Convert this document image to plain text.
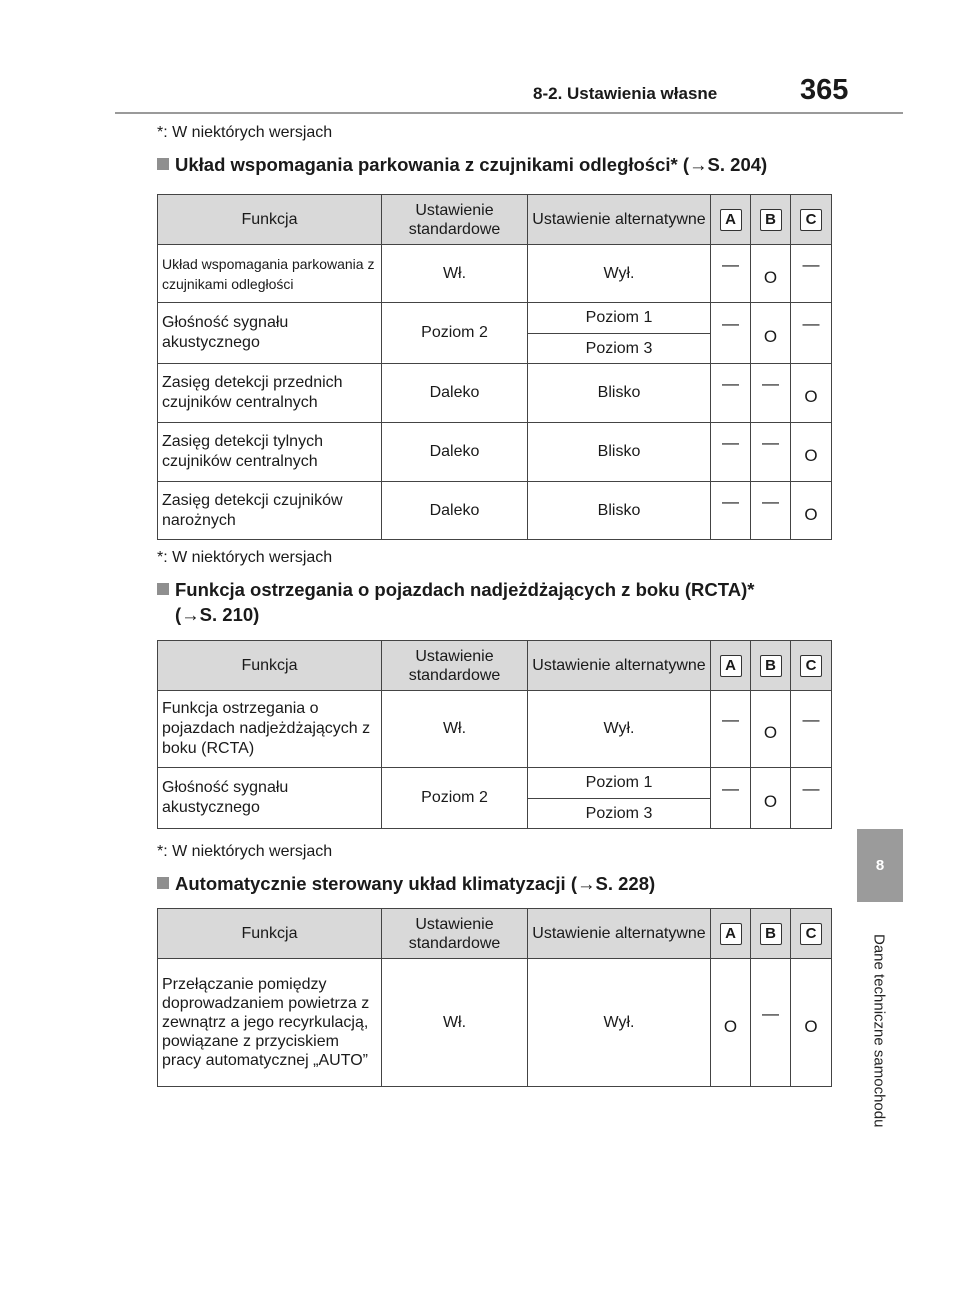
8-2. Ustawienia własne	365
8
Dane techniczne samochodu
*: W niektórych wersjach
Układ wspomagania parkowania z czujnikami odległości* (→S. 204)
Funkcja	Ustawienie standardowe	Ustawienie alternatywne	A	B	C
Układ wspomagania parkowania z czujnikami odległości	Wł.	Wył.	—	O	—
Głośność sygnału akustycznego	Poziom 2	Poziom 1	—	O	—
		Poziom 3			
Zasięg detekcji przednich czujników centralnych	Daleko	Blisko	—	—	O
Zasięg detekcji tylnych czujników centralnych	Daleko	Blisko	—	—	O
Zasięg detekcji czujników narożnych	Daleko	Blisko	—	—	O
*: W niektórych wersjach
Funkcja ostrzegania o pojazdach nadjeżdżających z boku (RCTA)*
(→S. 210)
Funkcja	Ustawienie standardowe	Ustawienie alternatywne	A	B	C
Funkcja ostrzegania o pojazdach nadjeżdżających z boku (RCTA)	Wł.	Wył.	—	O	—
Głośność sygnału akustycznego	Poziom 2	Poziom 1	—	O	—
		Poziom 3			
*: W niektórych wersjach
Automatycznie sterowany układ klimatyzacji (→S. 228)
Funkcja	Ustawienie standardowe	Ustawienie alternatywne	A	B	C
Przełączanie pomiędzy doprowadzaniem powietrza z zewnątrz a jego recyrkulacją, powiązane z przyciskiem pracy automatycznej „AUTO”	Wł.	Wył.	O	—	O
